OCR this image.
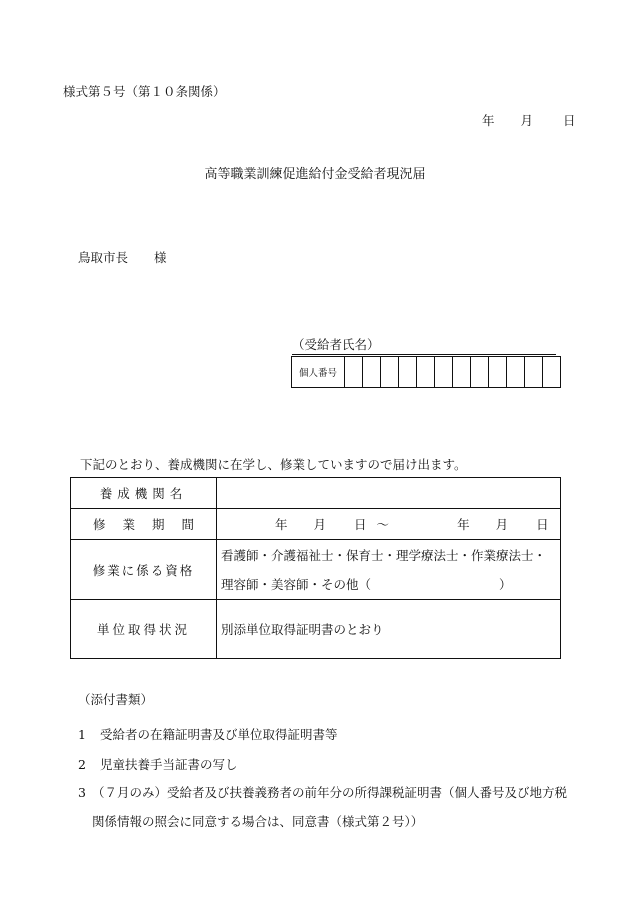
様式第５号（第１０条関係）
年 月 日
高等職業訓練促進給付金受給者現況届
鳥取市長 様
（受給者氏名）
個人番号												
下記のとおり、養成機関に在学し、修業していますので届け出ます。
養成機関名	
修業期間	年 月 日 ～ 年 月 日
修業に係る資格	看護師・介護福祉士・保育士・理学療法士・作業療法士・
理容師・美容師・その他（ ）

単位取得状況	別添単位取得証明書のとおり
（添付書類）
1 受給者の在籍証明書及び単位取得証明書等
2 児童扶養手当証書の写し
3 （７月のみ）受給者及び扶養義務者の前年分の所得課税証明書（個人番号及び地方税
関係情報の照会に同意する場合は、同意書（様式第２号））
